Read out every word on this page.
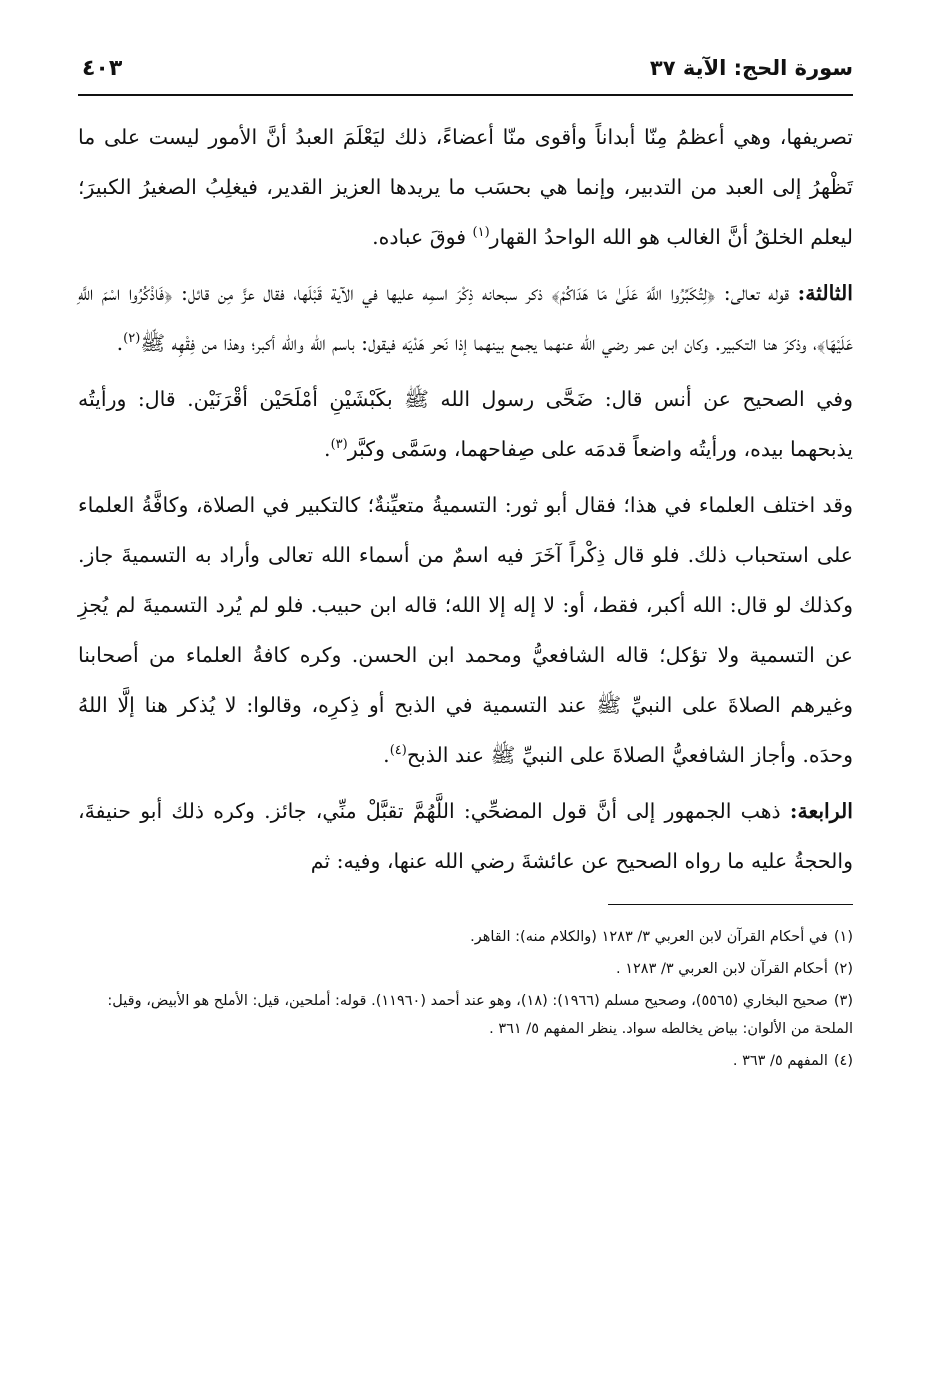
سورة الحج: الآية ٣٧
٤٠٣

تصريفها، وهي أعظمُ مِنّا أبداناً وأقوى منّا أعضاءً، ذلك ليَعْلَمَ العبدُ أنَّ الأمور ليست على ما تَظْهرُ إلى العبد من التدبير، وإنما هي بحسَب ما يريدها العزيز القدير، فيغلِبُ الصغيرُ الكبيرَ؛ ليعلم الخلقُ أنَّ الغالب هو الله الواحدُ القهار$^{(١)}$ فوقَ عباده.

الثالثة: قوله تعالى: ﴿لِتُكَبِّرُوا اللَّهَ عَلَىٰ مَا هَدَاكُمْ﴾ ذكر سبحانه ذِكْرَ اسمِه عليها في الآية قَبْلَها، فقال عزَّ مِن قائل: ﴿فَاذْكُرُوا اسْمَ اللَّهِ عَلَيْهَا﴾، وذكرَ هنا التكبير. وكان ابن عمر رضي الله عنهما يجمع بينهما إذا نَحر هَدْيَه فيقول: باسم الله والله أكبر؛ وهذا من فِقْهِه ﷺ$^{(٢)}$.

وفي الصحيح عن أنس قال: ضَحَّى رسول الله ﷺ بكَبْشَيْنِ أمْلَحَيْن أقْرَنَيْن. قال: ورأيتُه يذبحهما بيده، ورأيتُه واضعاً قدمَه على صِفاحهما، وسَمَّى وكبَّر$^{(٣)}$.

وقد اختلف العلماء في هذا؛ فقال أبو ثور: التسميةُ متعيِّنةٌ؛ كالتكبير في الصلاة، وكافَّةُ العلماء على استحباب ذلك. فلو قال ذِكْراً آخَرَ فيه اسمٌ من أسماء الله تعالى وأراد به التسميةَ جاز. وكذلك لو قال: الله أكبر، فقط، أو: لا إله إلا الله؛ قاله ابن حبيب. فلو لم يُرد التسميةَ لم يُجزِ عن التسمية ولا تؤكل؛ قاله الشافعيُّ ومحمد ابن الحسن. وكره كافةُ العلماء من أصحابنا وغيرهم الصلاةَ على النبيِّ ﷺ عند التسمية في الذبح أو ذِكرِه، وقالوا: لا يُذكر هنا إلَّا اللهُ وحدَه. وأجاز الشافعيُّ الصلاةَ على النبيِّ ﷺ عند الذبح$^{(٤)}$.

الرابعة: ذهب الجمهور إلى أنَّ قول المضحِّي: اللَّهُمَّ تقبَّلْ منِّي، جائز. وكره ذلك أبو حنيفةَ، والحجةُ عليه ما رواه الصحيح عن عائشةَ رضي الله عنها، وفيه: ثم

(١)في أحكام القرآن لابن العربي ٣/ ١٢٨٣ (والكلام منه): القاهر.

(٢)أحكام القرآن لابن العربي ٣/ ١٢٨٣ .

(٣)صحيح البخاري (٥٥٦٥)، وصحيح مسلم (١٩٦٦): (١٨)، وهو عند أحمد (١١٩٦٠). قوله: أملحين، قيل: الأملح هو الأبيض، وقيل: الملحة من الألوان: بياض يخالطه سواد. ينظر المفهم ٥/ ٣٦١ .

(٤)المفهم ٥/ ٣٦٣ .
